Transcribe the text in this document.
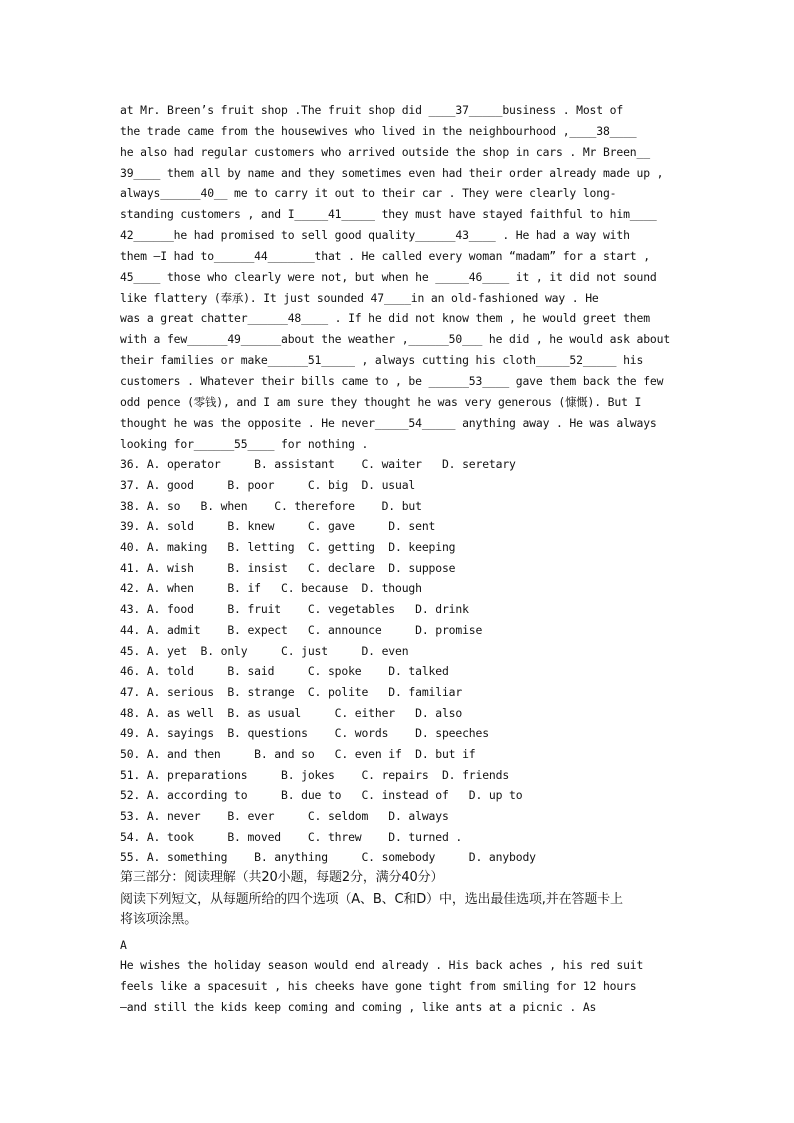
at Mr. Breen’s fruit shop .The fruit shop did ____37_____business . Most of
the trade came from the housewives who lived in the neighbourhood ,____38____
he also had regular customers who arrived outside the shop in cars . Mr Breen__
39____ them all by name and they sometimes even had their order already made up ,
always______40__ me to carry it out to their car . They were clearly long-
standing customers , and I_____41_____ they must have stayed faithful to him____
42______he had promised to sell good quality______43____ . He had a way with
them —I had to______44_______that . He called every woman “madam” for a start ,
45____ those who clearly were not, but when he _____46____ it , it did not sound
like flattery (奉承). It just sounded 47____in an old-fashioned way . He
was a great chatter______48____ . If he did not know them , he would greet them
with a few______49______about the weather ,______50___ he did , he would ask about
their families or make______51_____ , always cutting his cloth_____52_____ his
customers . Whatever their bills came to , be ______53____ gave them back the few
odd pence (零钱), and I am sure they thought he was very generous (慷慨). But I
thought he was the opposite . He never_____54_____ anything away . He was always
looking for______55____ for nothing .
36. A. operator     B. assistant    C. waiter   D. seretary
37. A. good     B. poor     C. big  D. usual
38. A. so   B. when    C. therefore    D. but
39. A. sold     B. knew     C. gave     D. sent
40. A. making   B. letting  C. getting  D. keeping
41. A. wish     B. insist   C. declare  D. suppose
42. A. when     B. if   C. because  D. though
43. A. food     B. fruit    C. vegetables   D. drink
44. A. admit    B. expect   C. announce     D. promise
45. A. yet  B. only     C. just     D. even
46. A. told     B. said     C. spoke    D. talked
47. A. serious  B. strange  C. polite   D. familiar
48. A. as well  B. as usual     C. either   D. also
49. A. sayings  B. questions    C. words    D. speeches
50. A. and then     B. and so   C. even if  D. but if
51. A. preparations     B. jokes    C. repairs  D. friends
52. A. according to     B. due to   C. instead of   D. up to
53. A. never    B. ever     C. seldom   D. always
54. A. took     B. moved    C. threw    D. turned .
55. A. something    B. anything     C. somebody     D. anybody
第三部分：阅读理解（共20小题，每题2分，满分40分）
阅读下列短文，从每题所给的四个选项（A、B、C和D）中，选出最佳选项,并在答题卡上
将该项涂黑。
A
He wishes the holiday season would end already . His back aches , his red suit
feels like a spacesuit , his cheeks have gone tight from smiling for 12 hours
—and still the kids keep coming and coming , like ants at a picnic . As
